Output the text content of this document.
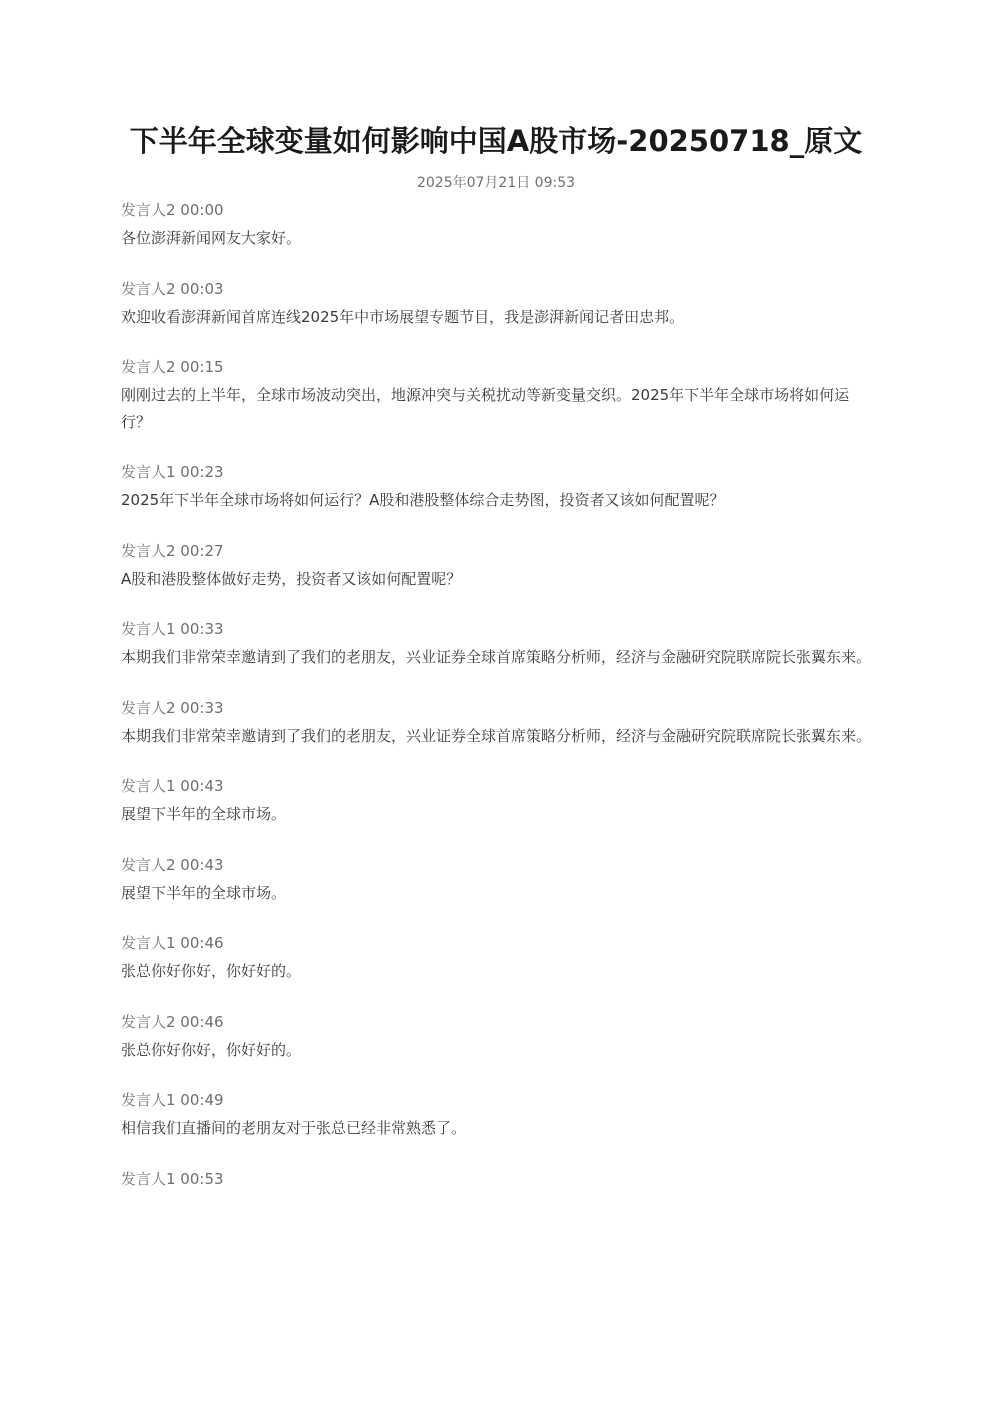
下半年全球变量如何影响中国A股市场-20250718_原文
2025年07月21日 09:53
发言人2 00:00
各位澎湃新闻网友大家好。
发言人2 00:03
欢迎收看澎湃新闻首席连线2025年中市场展望专题节目，我是澎湃新闻记者田忠邦。
发言人2 00:15
刚刚过去的上半年，全球市场波动突出，地源冲突与关税扰动等新变量交织。2025年下半年全球市场将如何运行？
发言人1 00:23
2025年下半年全球市场将如何运行？A股和港股整体综合走势图，投资者又该如何配置呢？
发言人2 00:27
A股和港股整体做好走势，投资者又该如何配置呢？
发言人1 00:33
本期我们非常荣幸邀请到了我们的老朋友，兴业证券全球首席策略分析师，经济与金融研究院联席院长张翼东来。
发言人2 00:33
本期我们非常荣幸邀请到了我们的老朋友，兴业证券全球首席策略分析师，经济与金融研究院联席院长张翼东来。
发言人1 00:43
展望下半年的全球市场。
发言人2 00:43
展望下半年的全球市场。
发言人1 00:46
张总你好你好，你好好的。
发言人2 00:46
张总你好你好，你好好的。
发言人1 00:49
相信我们直播间的老朋友对于张总已经非常熟悉了。
发言人1 00:53
